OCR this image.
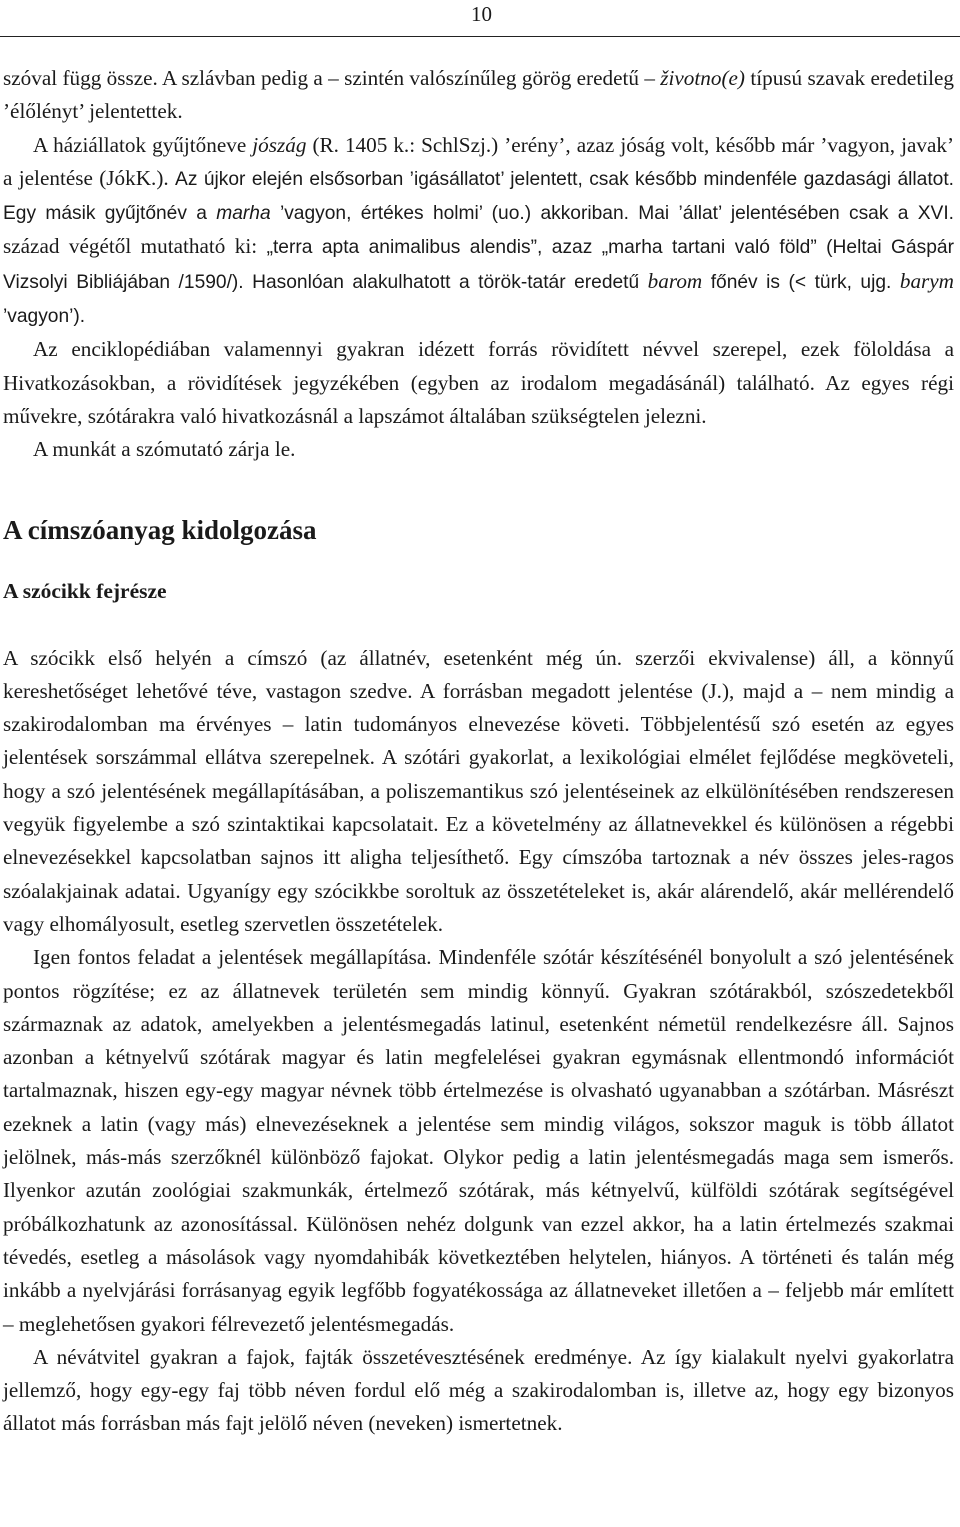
10

szóval függ össze. A szlávban pedig a – szintén valószínűleg görög eredetű – životno(e) típusú szavak eredetileg ’élőlényt’ jelentettek.

A háziállatok gyűjtőneve jószág (R. 1405 k.: SchlSzj.) ’erény’, azaz jóság volt, később már ’vagyon, javak’ a jelentése (JókK.). Az újkor elején elsősorban ’igásállatot’ jelentett, csak később mindenféle gazdasági állatot. Egy másik gyűjtőnév a marha ’vagyon, értékes holmi’ (uo.) akkoriban. Mai ’állat’ jelentésében csak a XVI. század végétől mutatható ki: „terra apta animalibus alendis”, azaz „marha tartani való föld” (Heltai Gáspár Vizsolyi Bibliájában /1590/). Hasonlóan alakulhatott a török-tatár eredetű barom főnév is (< türk, ujg. barym ’vagyon’).

Az enciklopédiában valamennyi gyakran idézett forrás rövidített névvel szerepel, ezek föloldása a Hivatkozásokban, a rövidítések jegyzékében (egyben az irodalom megadásánál) található. Az egyes régi művekre, szótárakra való hivatkozásnál a lapszámot általában szükségtelen jelezni.

A munkát a szómutató zárja le.

A címszóanyag kidolgozása
A szócikk fejrésze

A szócikk első helyén a címszó (az állatnév, esetenként még ún. szerzői ekvivalense) áll, a könnyű kereshetőséget lehetővé téve, vastagon szedve. A forrásban megadott jelentése (J.), majd a – nem mindig a szakirodalomban ma érvényes – latin tudományos elnevezése követi. Többjelentésű szó esetén az egyes jelentések sorszámmal ellátva szerepelnek. A szótári gyakorlat, a lexikológiai elmélet fejlődése megköveteli, hogy a szó jelentésének megállapításában, a poliszemantikus szó jelentéseinek az elkülönítésében rendszeresen vegyük figyelembe a szó szintaktikai kapcsolatait. Ez a követelmény az állatnevekkel és különösen a régebbi elnevezésekkel kapcsolatban sajnos itt aligha teljesíthető. Egy címszóba tartoznak a név összes jeles-ragos szóalakjainak adatai. Ugyanígy egy szócikkbe soroltuk az összetételeket is, akár alárendelő, akár mellérendelő vagy elhomályosult, esetleg szervetlen összetételek.

Igen fontos feladat a jelentések megállapítása. Mindenféle szótár készítésénél bonyolult a szó jelentésének pontos rögzítése; ez az állatnevek területén sem mindig könnyű. Gyakran szótárakból, szószedetekből származnak az adatok, amelyekben a jelentésmegadás latinul, esetenként németül rendelkezésre áll. Sajnos azonban a kétnyelvű szótárak magyar és latin megfelelései gyakran egymásnak ellentmondó információt tartalmaznak, hiszen egy-egy magyar névnek több értelmezése is olvasható ugyanabban a szótárban. Másrészt ezeknek a latin (vagy más) elnevezéseknek a jelentése sem mindig világos, sokszor maguk is több állatot jelölnek, más-más szerzőknél különböző fajokat. Olykor pedig a latin jelentésmegadás maga sem ismerős. Ilyenkor azután zoológiai szakmunkák, értelmező szótárak, más kétnyelvű, külföldi szótárak segítségével próbálkozhatunk az azonosítással. Különösen nehéz dolgunk van ezzel akkor, ha a latin értelmezés szakmai tévedés, esetleg a másolások vagy nyomdahibák következtében helytelen, hiányos. A történeti és talán még inkább a nyelvjárási forrásanyag egyik legfőbb fogyatékossága az állatneveket illetően a – feljebb már említett – meglehetősen gyakori félrevezető jelentésmegadás.

A névátvitel gyakran a fajok, fajták összetévesztésének eredménye. Az így kialakult nyelvi gyakorlatra jellemző, hogy egy-egy faj több néven fordul elő még a szakirodalomban is, illetve az, hogy egy bizonyos állatot más forrásban más fajt jelölő néven (neveken) ismertetnek.
